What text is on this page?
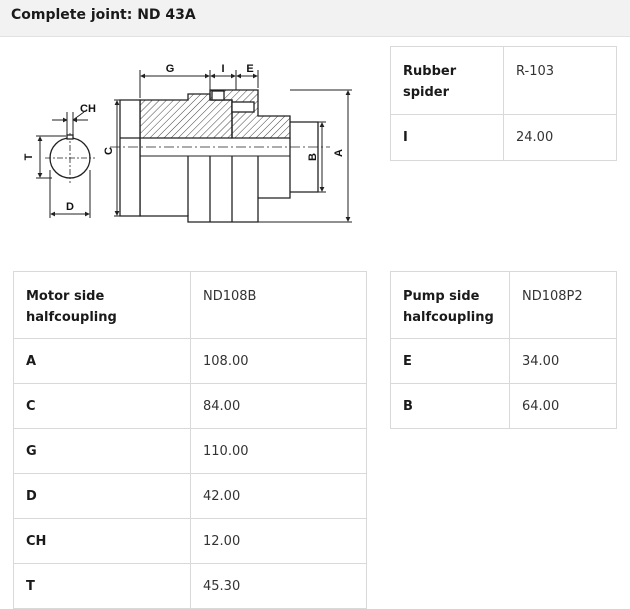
Complete joint: ND 43A
G	I E
CH
T
C
D
B
A
Rubber
spider	R-103
I	24.00
Motor side
halfcoupling	ND108B
A	108.00
C	84.00
G	110.00
D	42.00
CH	12.00
T	45.30
Pump side
halfcoupling	ND108P2
E	34.00
B	64.00
